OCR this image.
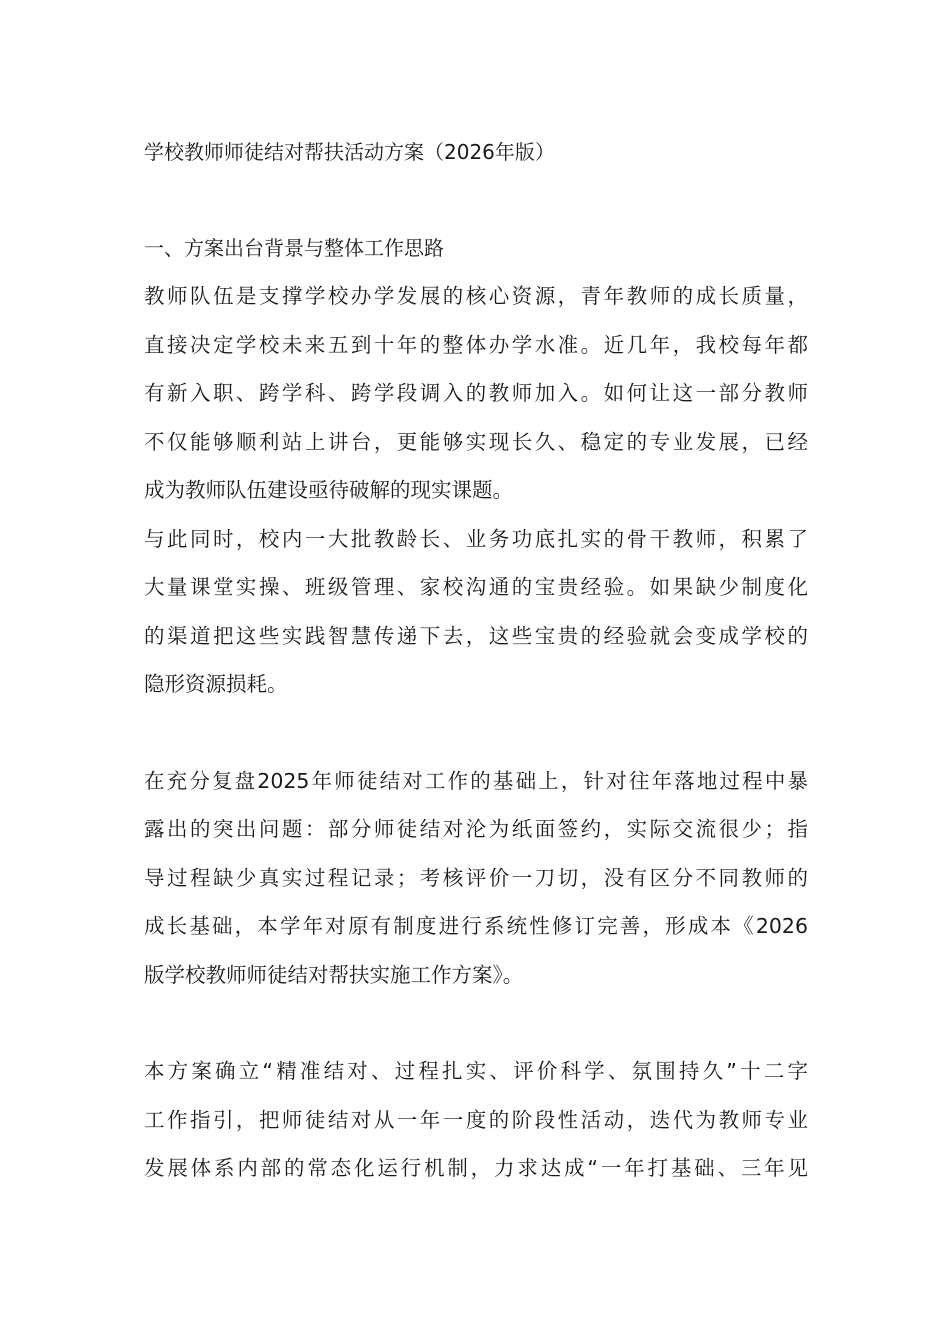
学校教师师徒结对帮扶活动方案（2026年版）
一、方案出台背景与整体工作思路
教师队伍是支撑学校办学发展的核心资源，青年教师的成长质量，
直接决定学校未来五到十年的整体办学水准。近几年，我校每年都
有新入职、跨学科、跨学段调入的教师加入。如何让这一部分教师
不仅能够顺利站上讲台，更能够实现长久、稳定的专业发展，已经
成为教师队伍建设亟待破解的现实课题。
与此同时，校内一大批教龄长、业务功底扎实的骨干教师，积累了
大量课堂实操、班级管理、家校沟通的宝贵经验。如果缺少制度化
的渠道把这些实践智慧传递下去，这些宝贵的经验就会变成学校的
隐形资源损耗。
在充分复盘2025年师徒结对工作的基础上，针对往年落地过程中暴
露出的突出问题：部分师徒结对沦为纸面签约，实际交流很少；指
导过程缺少真实过程记录；考核评价一刀切，没有区分不同教师的
成长基础，本学年对原有制度进行系统性修订完善，形成本《2026
版学校教师师徒结对帮扶实施工作方案》。
本方案确立“精准结对、过程扎实、评价科学、氛围持久”十二字
工作指引，把师徒结对从一年一度的阶段性活动，迭代为教师专业
发展体系内部的常态化运行机制，力求达成“一年打基础、三年见
